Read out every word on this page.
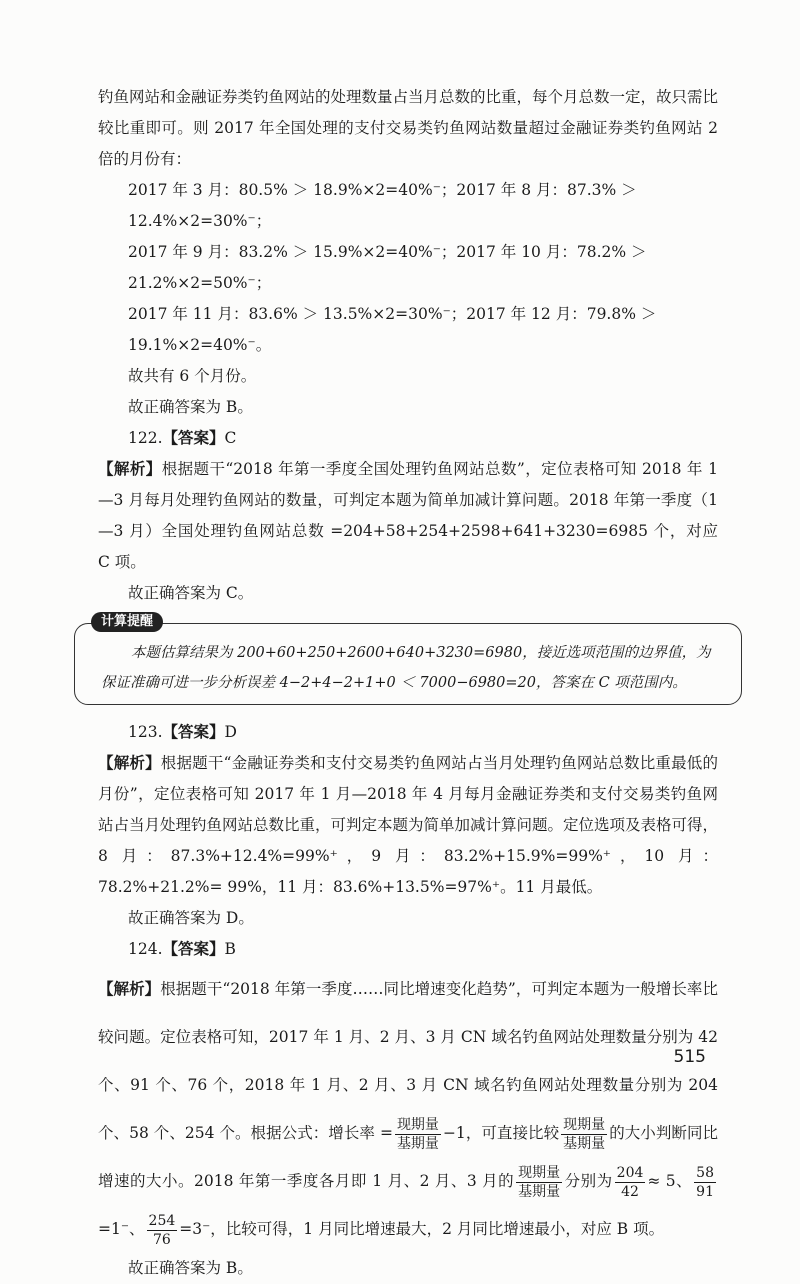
钓鱼网站和金融证券类钓鱼网站的处理数量占当月总数的比重，每个月总数一定，故只需比较比重即可。则 2017 年全国处理的支付交易类钓鱼网站数量超过金融证券类钓鱼网站 2 倍的月份有：

2017 年 3 月：80.5% ＞ 18.9%×2=40%⁻；2017 年 8 月：87.3% ＞ 12.4%×2=30%⁻；
2017 年 9 月：83.2% ＞ 15.9%×2=40%⁻；2017 年 10 月：78.2% ＞ 21.2%×2=50%⁻；
2017 年 11 月：83.6% ＞ 13.5%×2=30%⁻；2017 年 12 月：79.8% ＞ 19.1%×2=40%⁻。
故共有 6 个月份。
故正确答案为 B。
122.【答案】C

【解析】根据题干“2018 年第一季度全国处理钓鱼网站总数”，定位表格可知 2018 年 1—3 月每月处理钓鱼网站的数量，可判定本题为简单加减计算问题。2018 年第一季度（1—3 月）全国处理钓鱼网站总数 =204+58+254+2598+641+3230=6985 个，对应 C 项。

故正确答案为 C。
计算提醒
本题估算结果为 200+60+250+2600+640+3230=6980，接近选项范围的边界值，为保证准确可进一步分析误差 4−2+4−2+1+0 ＜ 7000−6980=20，答案在 C 项范围内。
123.【答案】D

【解析】根据题干“金融证券类和支付交易类钓鱼网站占当月处理钓鱼网站总数比重最低的月份”，定位表格可知 2017 年 1 月—2018 年 4 月每月金融证券类和支付交易类钓鱼网站占当月处理钓鱼网站总数比重，可判定本题为简单加减计算问题。定位选项及表格可得，8 月：87.3%+12.4%=99%⁺，9 月：83.2%+15.9%=99%⁺，10 月：78.2%+21.2%= 99%，11 月：83.6%+13.5%=97%⁺。11 月最低。

故正确答案为 D。
124.【答案】B

【解析】根据题干“2018 年第一季度……同比增速变化趋势”，可判定本题为一般增长率比较问题。定位表格可知，2017 年 1 月、2 月、3 月 CN 域名钓鱼网站处理数量分别为 42 个、91 个、76 个，2018 年 1 月、2 月、3 月 CN 域名钓鱼网站处理数量分别为 204 个、58 个、254 个。根据公式：增长率 = $\frac{\text{现期量}}{\text{基期量}} -1$，可直接比较 $\frac{\text{现期量}}{\text{基期量}}$ 的大小判断同比增速的大小。2018 年第一季度各月即 1 月、2 月、3 月的 $\frac{\text{现期量}}{\text{基期量}}$ 分别为 $\frac{204}{42} \approx 5$、 $\frac{58}{91}$
=1⁻、 $\frac{254}{76} =3^-$，比较可得，1 月同比增速最大，2 月同比增速最小，对应 B 项。

故正确答案为 B。
515
